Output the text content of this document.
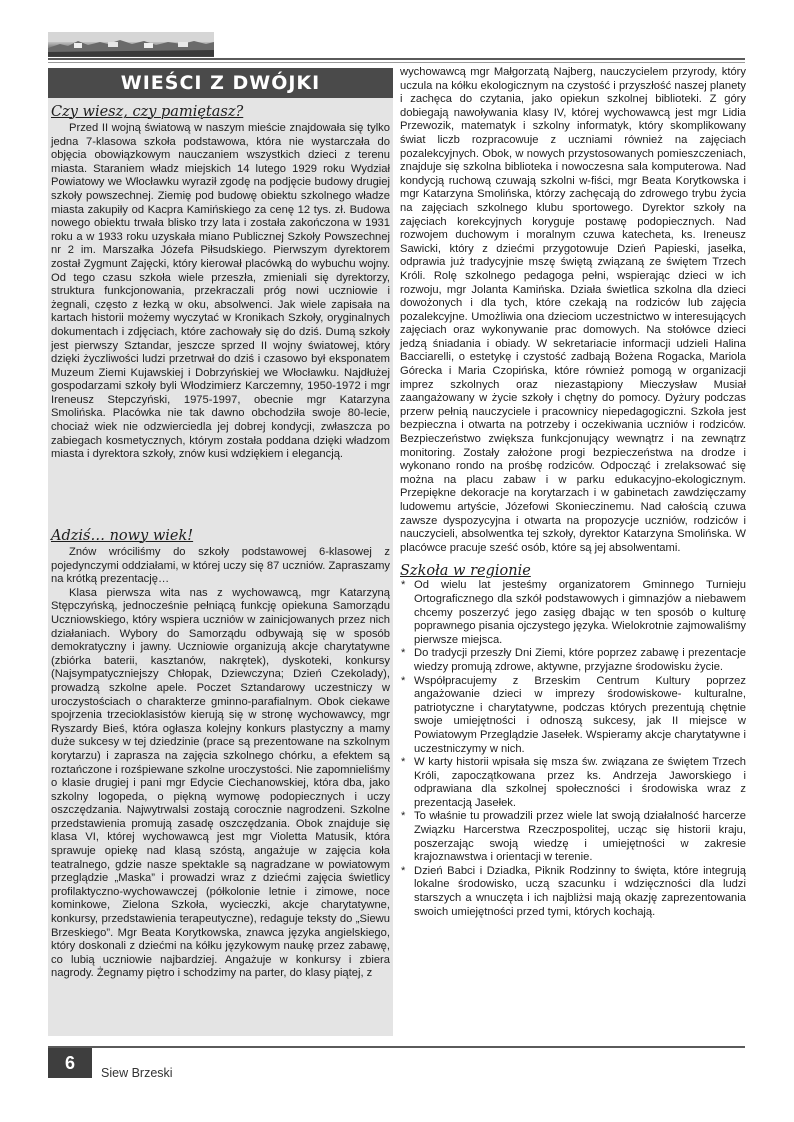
WIEŚCI Z DWÓJKI
Czy wiesz, czy pamiętasz?

Przed II wojną światową w naszym mieście znajdowała się tylko jedna 7-klasowa szkoła podstawowa, która nie wystarczała do objęcia obowiązkowym nauczaniem wszystkich dzieci z terenu miasta. Staraniem władz miejskich 14 lutego 1929 roku Wydział Powiatowy we Włocławku wyraził zgodę na podjęcie budowy drugiej szkoły powszechnej. Ziemię pod budowę obiektu szkolnego władze miasta zakupiły od Kacpra Kamińskiego za cenę 12 tys. zł. Budowa nowego obiektu trwała blisko trzy lata i została zakończona w 1931 roku a w 1933 roku uzyskała miano Publicznej Szkoły Powszechnej nr 2 im. Marszałka Józefa Piłsudskiego. Pierwszym dyrektorem został Zygmunt Zajęcki, który kierował placówką do wybuchu wojny. Od tego czasu szkoła wiele przeszła, zmieniali się dyrektorzy, struktura funkcjonowania, przekraczali próg nowi uczniowie i żegnali, często z łezką w oku, absolwenci. Jak wiele zapisała na kartach historii możemy wyczytać w Kronikach Szkoły, oryginalnych dokumentach i zdjęciach, które zachowały się do dziś. Dumą szkoły jest pierwszy Sztandar, jeszcze sprzed II wojny światowej, który dzięki życzliwości ludzi przetrwał do dziś i czasowo był eksponatem Muzeum Ziemi Kujawskiej i Dobrzyńskiej we Włocławku. Najdłużej gospodarzami szkoły byli Włodzimierz Karczemny, 1950-1972 i mgr Ireneusz Stepczyński, 1975-1997, obecnie mgr Katarzyna Smolińska. Placówka nie tak dawno obchodziła swoje 80-lecie, chociaż wiek nie odzwierciedla jej dobrej kondycji, zwłaszcza po zabiegach kosmetycznych, którym została poddana dzięki władzom miasta i dyrektora szkoły, znów kusi wdziękiem i elegancją.

Adziś… nowy wiek!

Znów wróciliśmy do szkoły podstawowej 6-klasowej z pojedynczymi oddziałami, w której uczy się 87 uczniów. Zapraszamy na krótką prezentację…

Klasa pierwsza wita nas z wychowawcą, mgr Katarzyną Stępczyńską, jednocześnie pełniącą funkcję opiekuna Samorządu Uczniowskiego, który wspiera uczniów w zainicjowanych przez nich działaniach. Wybory do Samorządu odbywają się w sposób demokratyczny i jawny. Uczniowie organizują akcje charytatywne (zbiórka baterii, kasztanów, nakrętek), dyskoteki, konkursy (Najsympatyczniejszy Chłopak, Dziewczyna; Dzień Czekolady), prowadzą szkolne apele. Poczet Sztandarowy uczestniczy w uroczystościach o charakterze gminno-parafialnym. Obok ciekawe spojrzenia trzecioklasistów kierują się w stronę wychowawcy, mgr Ryszardy Bieś, która ogłasza kolejny konkurs plastyczny a mamy duże sukcesy w tej dziedzinie (prace są prezentowane na szkolnym korytarzu) i zaprasza na zajęcia szkolnego chórku, a efektem są roztańczone i rozśpiewane szkolne uroczystości. Nie zapomnieliśmy o klasie drugiej i pani mgr Edycie Ciechanowskiej, która dba, jako szkolny logopeda, o piękną wymowę podopiecznych i uczy oszczędzania. Najwytrwalsi zostają corocznie nagrodzeni. Szkolne przedstawienia promują zasadę oszczędzania. Obok znajduje się klasa VI, której wychowawcą jest mgr Violetta Matusik, która sprawuje opiekę nad klasą szóstą, angażuje w zajęcia koła teatralnego, gdzie nasze spektakle są nagradzane w powiatowym przeglądzie „Maska” i prowadzi wraz z dziećmi zajęcia świetlicy profilaktyczno-wychowawczej (półkolonie letnie i zimowe, noce kominkowe, Zielona Szkoła, wycieczki, akcje charytatywne, konkursy, przedstawienia terapeutyczne), redaguje teksty do „Siewu Brzeskiego”. Mgr Beata Korytkowska, znawca języka angielskiego, który doskonali z dziećmi na kółku językowym naukę przez zabawę, co lubią uczniowie najbardziej. Angażuje w konkursy i zbiera nagrody. Żegnamy piętro i schodzimy na parter, do klasy piątej, z

wychowawcą mgr Małgorzatą Najberg, nauczycielem przyrody, który uczula na kółku ekologicznym na czystość i przyszłość naszej planety i zachęca do czytania, jako opiekun szkolnej biblioteki. Z góry dobiegają nawoływania klasy IV, której wychowawcą jest mgr Lidia Przewozik, matematyk i szkolny informatyk, który skomplikowany świat liczb rozpracowuje z uczniami również na zajęciach pozalekcyjnych. Obok, w nowych przystosowanych pomieszczeniach, znajduje się szkolna biblioteka i nowoczesna sala komputerowa. Nad kondycją ruchową czuwają szkolni w-fiści, mgr Beata Korytkowska i mgr Katarzyna Smolińska, którzy zachęcają do zdrowego trybu życia na zajęciach szkolnego klubu sportowego. Dyrektor szkoły na zajęciach korekcyjnych koryguje postawę podopiecznych. Nad rozwojem duchowym i moralnym czuwa katecheta, ks. Ireneusz Sawicki, który z dziećmi przygotowuje Dzień Papieski, jasełka, odprawia już tradycyjnie mszę świętą związaną ze świętem Trzech Króli. Rolę szkolnego pedagoga pełni, wspierając dzieci w ich rozwoju, mgr Jolanta Kamińska. Działa świetlica szkolna dla dzieci dowożonych i dla tych, które czekają na rodziców lub zajęcia pozalekcyjne. Umożliwia ona dzieciom uczestnictwo w interesujących zajęciach oraz wykonywanie prac domowych. Na stołówce dzieci jedzą śniadania i obiady. W sekretariacie informacji udzieli Halina Bacciarelli, o estetykę i czystość zadbają Bożena Rogacka, Mariola Górecka i Maria Czopińska, które również pomogą w organizacji imprez szkolnych oraz niezastąpiony Mieczysław Musiał zaangażowany w życie szkoły i chętny do pomocy. Dyżury podczas przerw pełnią nauczyciele i pracownicy niepedagogiczni. Szkoła jest bezpieczna i otwarta na potrzeby i oczekiwania uczniów i rodziców. Bezpieczeństwo zwiększa funkcjonujący wewnątrz i na zewnątrz monitoring. Zostały założone progi bezpieczeństwa na drodze i wykonano rondo na prośbę rodziców. Odpocząć i zrelaksować się można na placu zabaw i w parku edukacyjno-ekologicznym. Przepiękne dekoracje na korytarzach i w gabinetach zawdzięczamy ludowemu artyście, Józefowi Skonieczinemu. Nad całością czuwa zawsze dyspozycyjna i otwarta na propozycje uczniów, rodziców i nauczycieli, absolwentka tej szkoły, dyrektor Katarzyna Smolińska. W placówce pracuje sześć osób, które są jej absolwentami.

Szkoła w regionie
* Od wielu lat jesteśmy organizatorem Gminnego Turnieju Ortograficznego dla szkół podstawowych i gimnazjów a niebawem chcemy poszerzyć jego zasięg dbając w ten sposób o kulturę poprawnego pisania ojczystego języka. Wielokrotnie zajmowaliśmy pierwsze miejsca.
* Do tradycji przeszły Dni Ziemi, które poprzez zabawę i prezentacje wiedzy promują zdrowe, aktywne, przyjazne środowisku życie.
* Współpracujemy z Brzeskim Centrum Kultury poprzez angażowanie dzieci w imprezy środowiskowe- kulturalne, patriotyczne i charytatywne, podczas których prezentują chętnie swoje umiejętności i odnoszą sukcesy, jak II miejsce w Powiatowym Przeglądzie Jasełek. Wspieramy akcje charytatywne i uczestniczymy w nich.
* W karty historii wpisała się msza św. związana ze świętem Trzech Króli, zapoczątkowana przez ks. Andrzeja Jaworskiego i odprawiana dla szkolnej społeczności i środowiska wraz z prezentacją Jasełek.
* To właśnie tu prowadzili przez wiele lat swoją działalność harcerze Związku Harcerstwa Rzeczpospolitej, ucząc się historii kraju, poszerzając swoją wiedzę i umiejętności w zakresie krajoznawstwa i orientacji w terenie.
* Dzień Babci i Dziadka, Piknik Rodzinny to święta, które integrują lokalne środowisko, uczą szacunku i wdzięczności dla ludzi starszych a wnuczęta i ich najbliżsi mają okazję zaprezentowania swoich umiejętności przed tymi, których kochają.
6	Siew Brzeski
